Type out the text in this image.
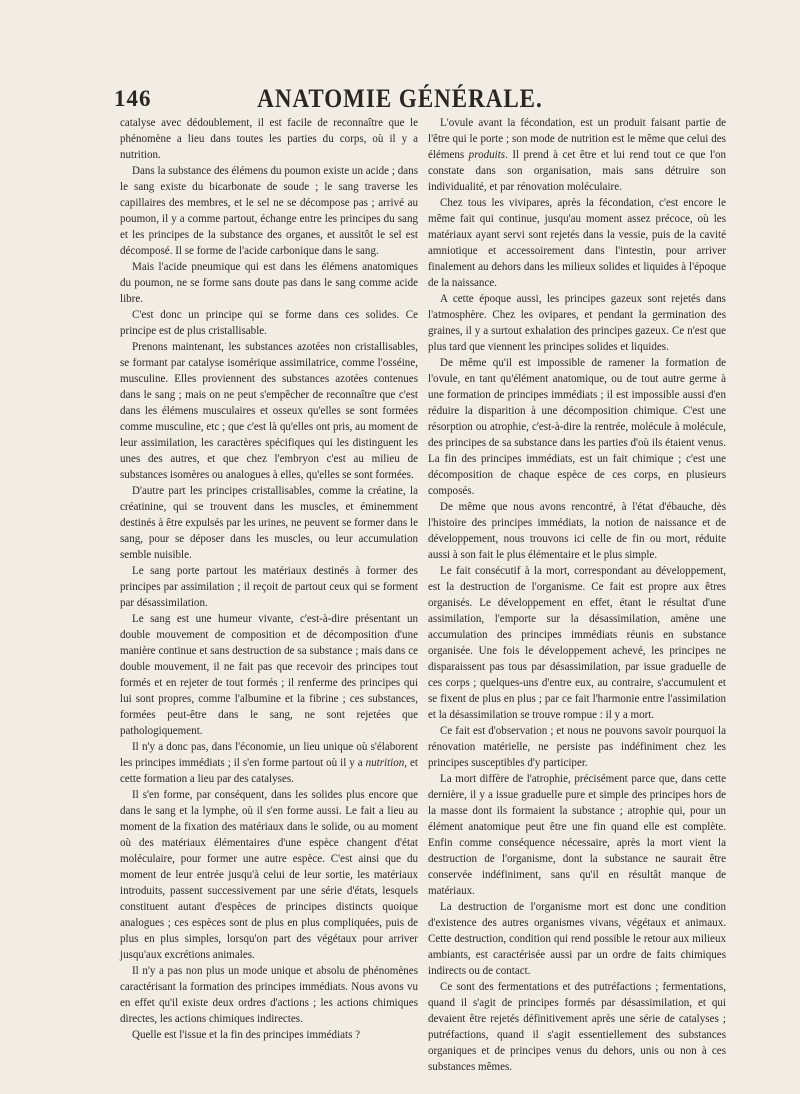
146	ANATOMIE GÉNÉRALE.

catalyse avec dédoublement, il est facile de reconnaître que le phénomène a lieu dans toutes les parties du corps, où il y a nutrition.

Dans la substance des élémens du poumon existe un acide ; dans le sang existe du bicarbonate de soude ; le sang traverse les capillaires des membres, et le sel ne se décompose pas ; arrivé au poumon, il y a comme partout, échange entre les principes du sang et les principes de la substance des organes, et aussitôt le sel est décomposé. Il se forme de l'acide carbonique dans le sang.

Mais l'acide pneumique qui est dans les élémens anatomiques du poumon, ne se forme sans doute pas dans le sang comme acide libre.

C'est donc un principe qui se forme dans ces solides. Ce principe est de plus cristallisable.

Prenons maintenant, les substances azotées non cristallisables, se formant par catalyse isomérique assimilatrice, comme l'osséine, musculine. Elles proviennent des substances azotées contenues dans le sang ; mais on ne peut s'empêcher de reconnaître que c'est dans les élémens musculaires et osseux qu'elles se sont formées comme musculine, etc ; que c'est là qu'elles ont pris, au moment de leur assimilation, les caractères spécifiques qui les distinguent les unes des autres, et que chez l'embryon c'est au milieu de substances isomères ou analogues à elles, qu'elles se sont formées.

D'autre part les principes cristallisables, comme la créatine, la créatinine, qui se trouvent dans les muscles, et éminemment destinés à être expulsés par les urines, ne peuvent se former dans le sang, pour se déposer dans les muscles, ou leur accumulation semble nuisible.

Le sang porte partout les matériaux destinés à former des principes par assimilation ; il reçoit de partout ceux qui se forment par désassimilation.

Le sang est une humeur vivante, c'est-à-dire présentant un double mouvement de composition et de décomposition d'une manière continue et sans destruction de sa substance ; mais dans ce double mouvement, il ne fait pas que recevoir des principes tout formés et en rejeter de tout formés ; il renferme des principes qui lui sont propres, comme l'albumine et la fibrine ; ces substances, formées peut-être dans le sang, ne sont rejetées que pathologiquement.

Il n'y a donc pas, dans l'économie, un lieu unique où s'élaborent les principes immédiats ; il s'en forme partout où il y a nutrition, et cette formation a lieu par des catalyses.

Il s'en forme, par conséquent, dans les solides plus encore que dans le sang et la lymphe, où il s'en forme aussi. Le fait a lieu au moment de la fixation des matériaux dans le solide, ou au moment où des matériaux élémentaires d'une espèce changent d'état moléculaire, pour former une autre espèce. C'est ainsi que du moment de leur entrée jusqu'à celui de leur sortie, les matériaux introduits, passent successivement par une série d'états, lesquels constituent autant d'espèces de principes distincts quoique analogues ; ces espèces sont de plus en plus compliquées, puis de plus en plus simples, lorsqu'on part des végétaux pour arriver jusqu'aux excrétions animales.

Il n'y a pas non plus un mode unique et absolu de phénomènes caractérisant la formation des principes immédiats. Nous avons vu en effet qu'il existe deux ordres d'actions ; les actions chimiques directes, les actions chimiques indirectes.

Quelle est l'issue et la fin des principes immédiats ?

L'ovule avant la fécondation, est un produit faisant partie de l'être qui le porte ; son mode de nutrition est le même que celui des élémens produits. Il prend à cet être et lui rend tout ce que l'on constate dans son organisation, mais sans détruire son individualité, et par rénovation moléculaire.

Chez tous les vivipares, après la fécondation, c'est encore le même fait qui continue, jusqu'au moment assez précoce, où les matériaux ayant servi sont rejetés dans la vessie, puis de la cavité amniotique et accessoirement dans l'intestin, pour arriver finalement au dehors dans les milieux solides et liquides à l'époque de la naissance.

A cette époque aussi, les principes gazeux sont rejetés dans l'atmosphère. Chez les ovipares, et pendant la germination des graines, il y a surtout exhalation des principes gazeux. Ce n'est que plus tard que viennent les principes solides et liquides.

De même qu'il est impossible de ramener la formation de l'ovule, en tant qu'élément anatomique, ou de tout autre germe à une formation de principes immédiats ; il est impossible aussi d'en réduire la disparition à une décomposition chimique. C'est une résorption ou atrophie, c'est-à-dire la rentrée, molécule à molécule, des principes de sa substance dans les parties d'où ils étaient venus. La fin des principes immédiats, est un fait chimique ; c'est une décomposition de chaque espèce de ces corps, en plusieurs composés.

De même que nous avons rencontré, à l'état d'ébauche, dès l'histoire des principes immédiats, la notion de naissance et de développement, nous trouvons ici celle de fin ou mort, réduite aussi à son fait le plus élémentaire et le plus simple.

Le fait consécutif à la mort, correspondant au développement, est la destruction de l'organisme. Ce fait est propre aux êtres organisés. Le développement en effet, étant le résultat d'une assimilation, l'emporte sur la désassimilation, amène une accumulation des principes immédiats réunis en substance organisée. Une fois le développement achevé, les principes ne disparaissent pas tous par désassimilation, par issue graduelle de ces corps ; quelques-uns d'entre eux, au contraire, s'accumulent et se fixent de plus en plus ; par ce fait l'harmonie entre l'assimilation et la désassimilation se trouve rompue : il y a mort.

Ce fait est d'observation ; et nous ne pouvons savoir pourquoi la rénovation matérielle, ne persiste pas indéfiniment chez les principes susceptibles d'y participer.

La mort diffère de l'atrophie, précisément parce que, dans cette dernière, il y a issue graduelle pure et simple des principes hors de la masse dont ils formaient la substance ; atrophie qui, pour un élément anatomique peut être une fin quand elle est complète. Enfin comme conséquence nécessaire, après la mort vient la destruction de l'organisme, dont la substance ne saurait être conservée indéfiniment, sans qu'il en résultât manque de matériaux.

La destruction de l'organisme mort est donc une condition d'existence des autres organismes vivans, végétaux et animaux. Cette destruction, condition qui rend possible le retour aux milieux ambiants, est caractérisée aussi par un ordre de faits chimiques indirects ou de contact.

Ce sont des fermentations et des putréfactions ; fermentations, quand il s'agit de principes formés par désassimilation, et qui devaient être rejetés définitivement après une série de catalyses ; putréfactions, quand il s'agit essentiellement des substances organiques et de principes venus du dehors, unis ou non à ces substances mêmes.
